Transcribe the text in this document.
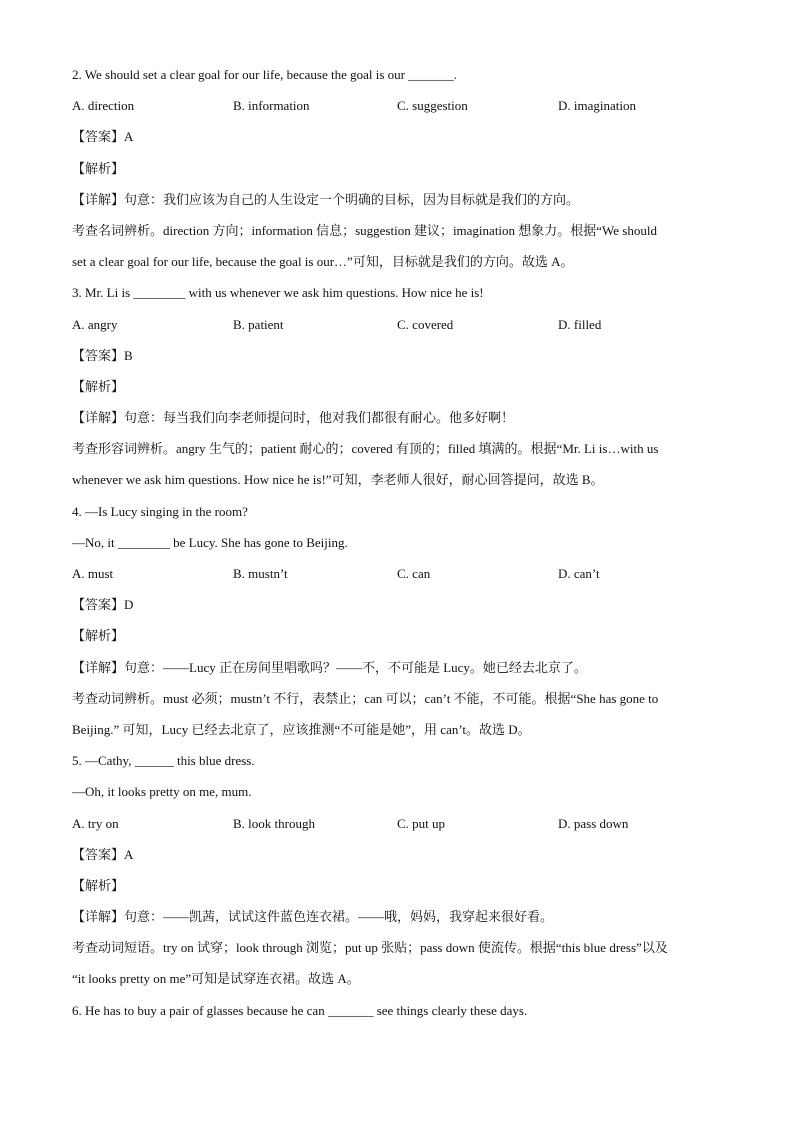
2. We should set a clear goal for our life, because the goal is our _______.
A. direction	B. information	C. suggestion	D. imagination
【答案】A
【解析】
【详解】句意：我们应该为自己的人生设定一个明确的目标，因为目标就是我们的方向。
考查名词辨析。direction 方向；information 信息；suggestion 建议；imagination 想象力。根据“We should
set a clear goal for our life, because the goal is our…”可知，目标就是我们的方向。故选 A。
3. Mr. Li is ________ with us whenever we ask him questions. How nice he is!
A. angry	B. patient	C. covered	D. filled
【答案】B
【解析】
【详解】句意：每当我们向李老师提问时，他对我们都很有耐心。他多好啊！
考查形容词辨析。angry 生气的；patient 耐心的；covered 有顶的；filled 填满的。根据“Mr. Li is…with us
whenever we ask him questions. How nice he is!”可知，李老师人很好，耐心回答提问，故选 B。
4. —Is Lucy singing in the room?
—No, it ________ be Lucy. She has gone to Beijing.
A. must	B. mustn’t	C. can	D. can’t
【答案】D
【解析】
【详解】句意：——Lucy 正在房间里唱歌吗？——不，不可能是 Lucy。她已经去北京了。
考查动词辨析。must 必须；mustn’t 不行，表禁止；can 可以；can’t 不能，不可能。根据“She has gone to
Beijing.” 可知，Lucy 已经去北京了，应该推测“不可能是她”，用 can’t。故选 D。
5. —Cathy, ______ this blue dress.
—Oh, it looks pretty on me, mum.
A. try on	B. look through	C. put up	D. pass down
【答案】A
【解析】
【详解】句意：——凯茜，试试这件蓝色连衣裙。——哦，妈妈，我穿起来很好看。
考查动词短语。try on 试穿；look through 浏览；put up 张贴；pass down 使流传。根据“this blue dress”以及
“it looks pretty on me”可知是试穿连衣裙。故选 A。
6. He has to buy a pair of glasses because he can _______ see things clearly these days.
